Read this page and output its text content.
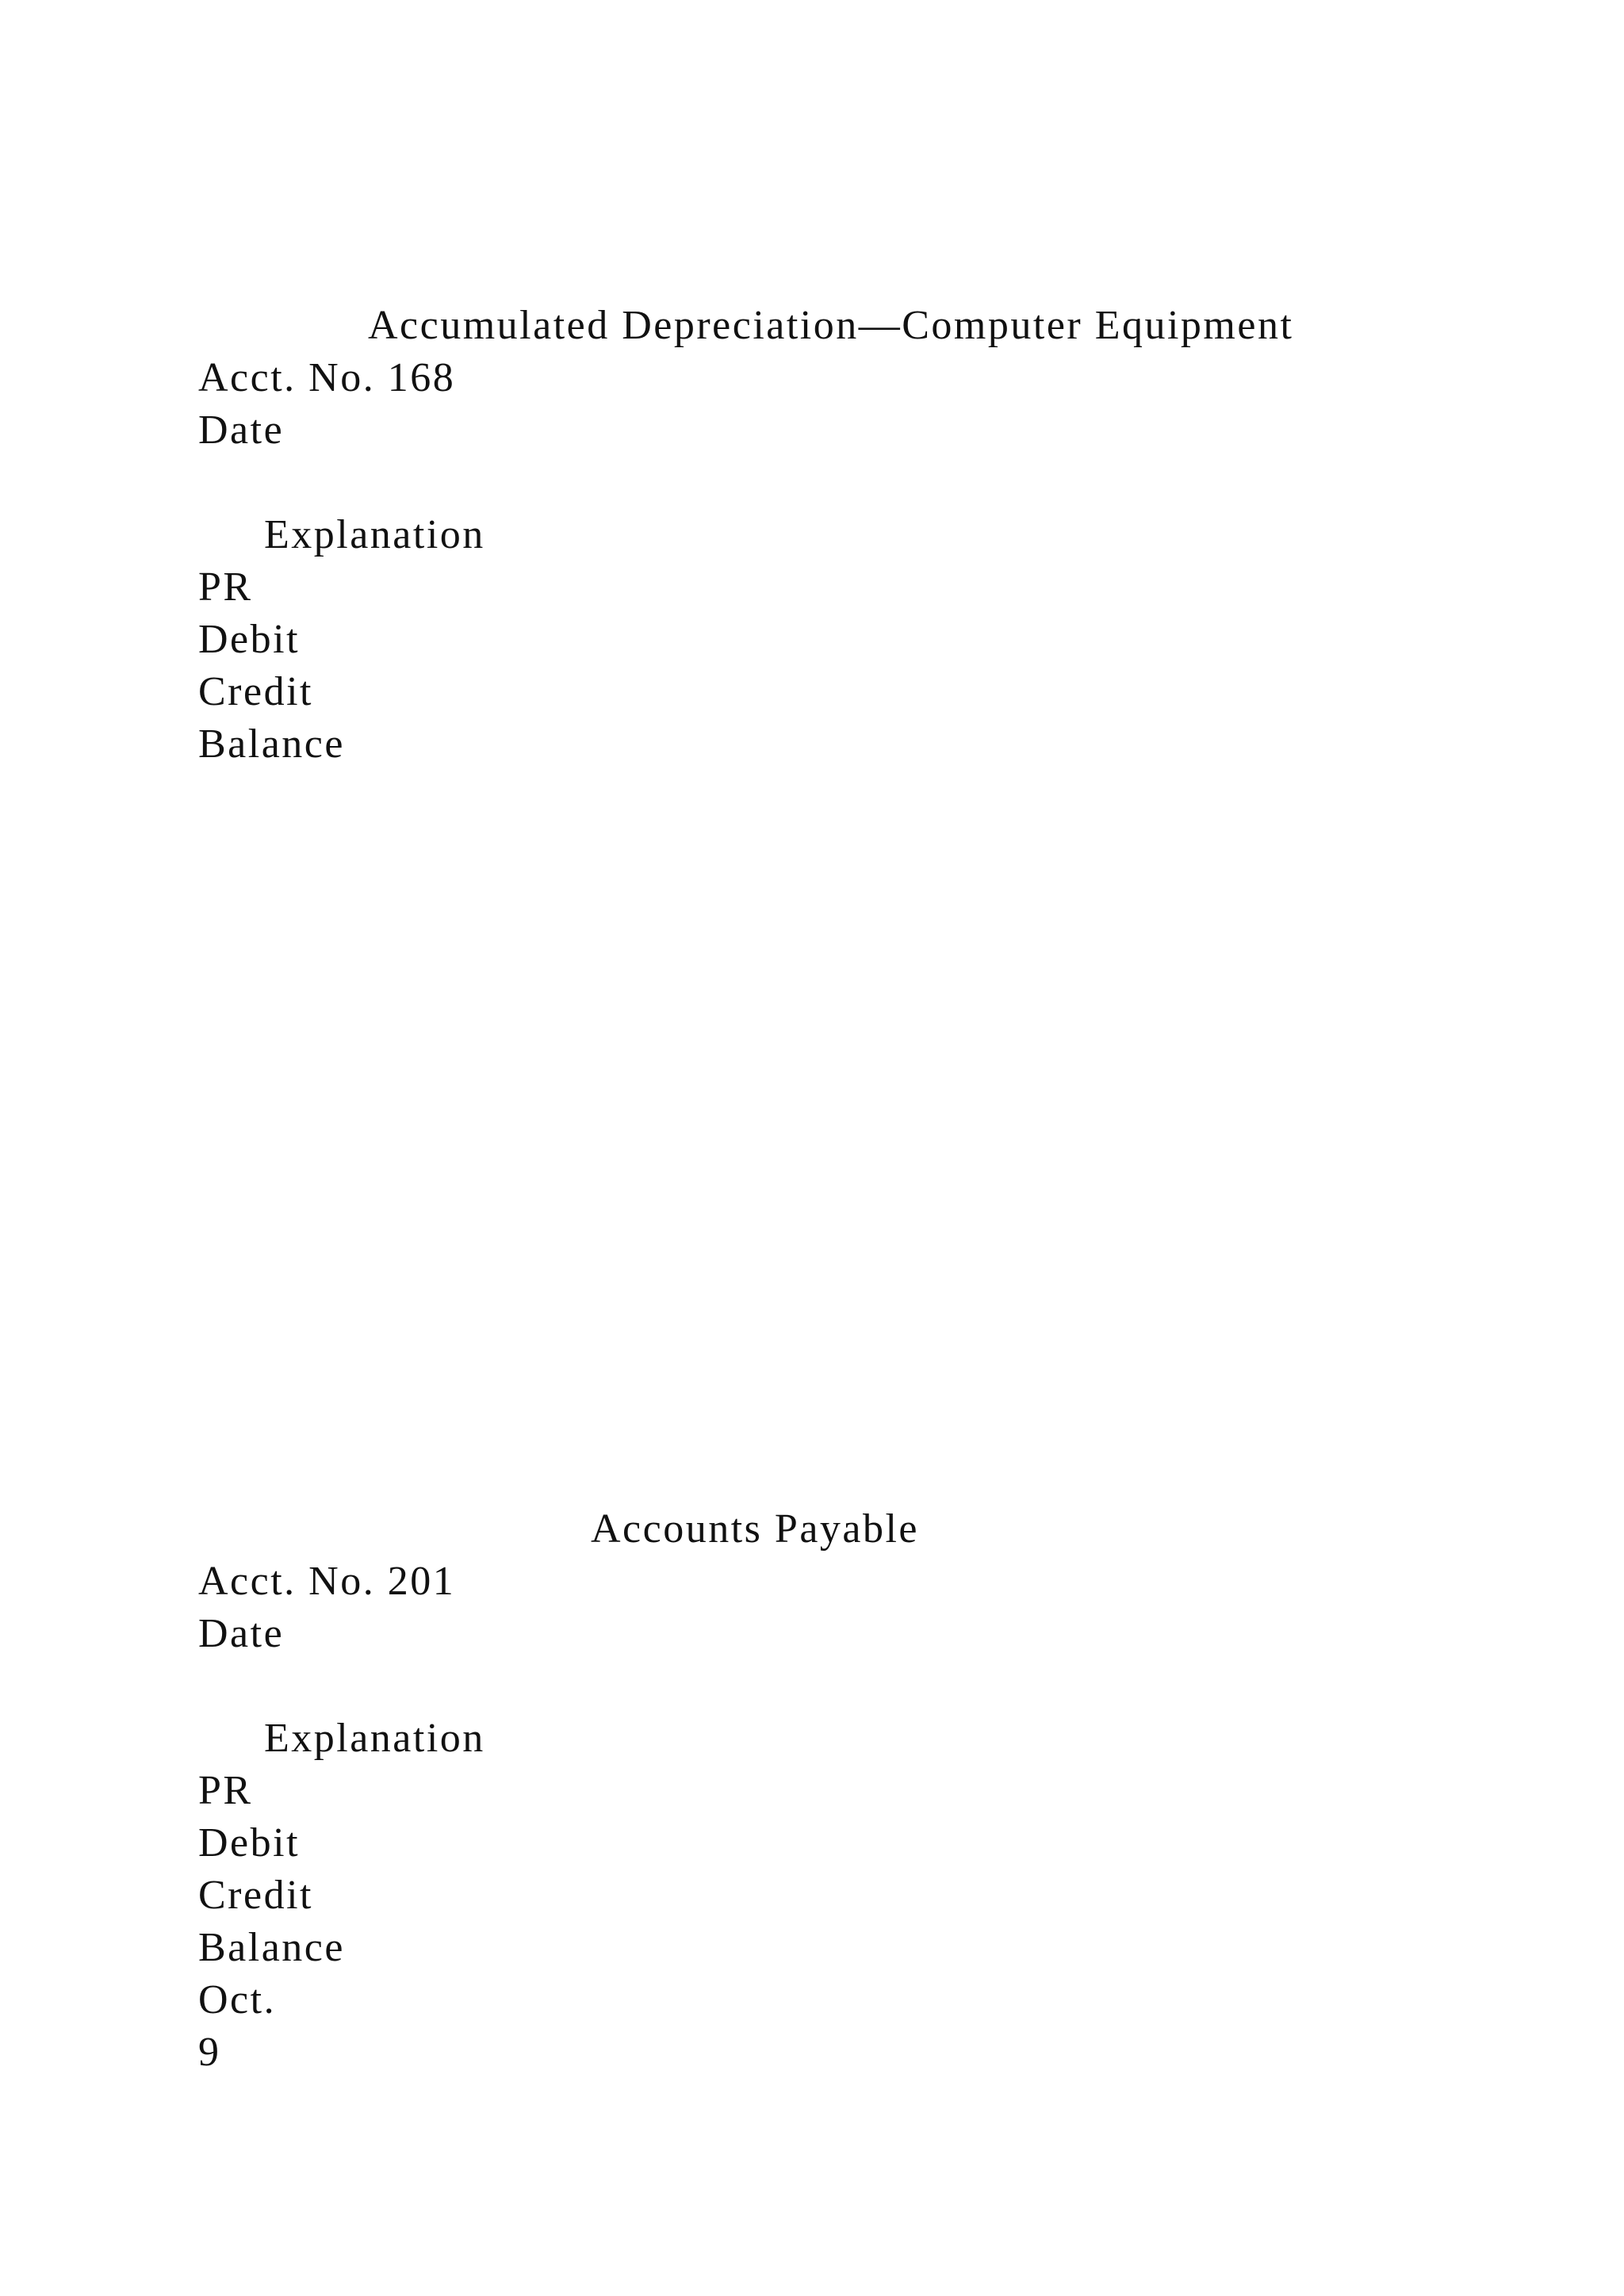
Accumulated Depreciation—Computer Equipment
Acct. No. 168
Date
Explanation
PR
Debit
Credit
Balance
Accounts Payable
Acct. No. 201
Date
Explanation
PR
Debit
Credit
Balance
Oct.
9
